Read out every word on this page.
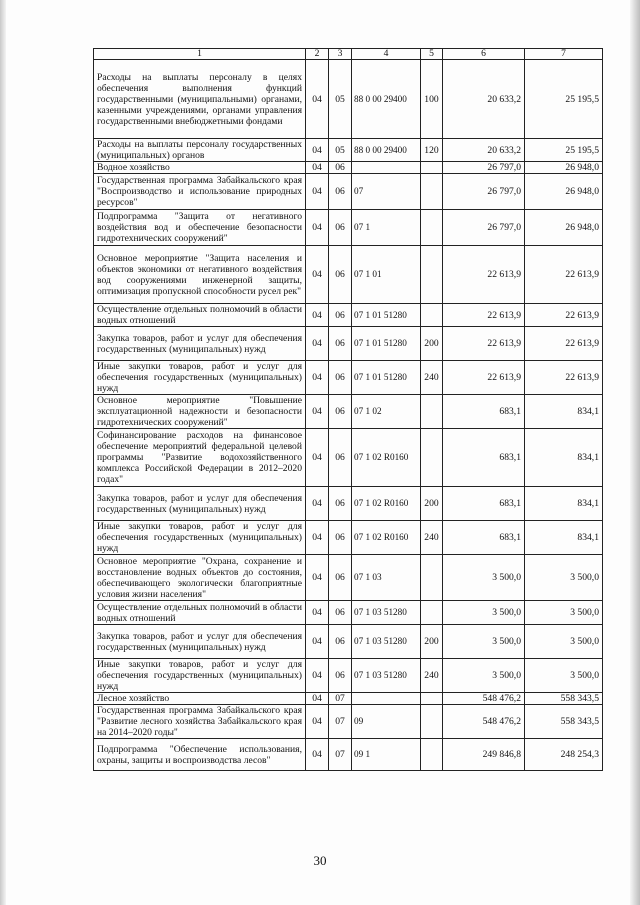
1	2	3	4	5	6	7
Расходы на выплаты персоналу в целях обеспечения выполнения функций государственными (муниципальными) органами, казенными учреждениями, органами управления государственными внебюджетными фондами	04	05	88 0 00 29400	100	20 633,2	25 195,5
Расходы на выплаты персоналу государственных (муниципальных) органов	04	05	88 0 00 29400	120	20 633,2	25 195,5
Водное хозяйство	04	06			26 797,0	26 948,0
Государственная программа Забайкальского края "Воспроизводство и использование природных ресурсов"	04	06	07		26 797,0	26 948,0
Подпрограмма "Защита от негативного воздействия вод и обеспечение безопасности гидротехнических сооружений"	04	06	07 1		26 797,0	26 948,0
Основное мероприятие "Защита населения и объектов экономики от негативного воздействия вод сооружениями инженерной защиты, оптимизация пропускной способности русел рек"	04	06	07 1 01		22 613,9	22 613,9
Осуществление отдельных полномочий в области водных отношений	04	06	07 1 01 51280		22 613,9	22 613,9
Закупка товаров, работ и услуг для обеспечения государственных (муниципальных) нужд	04	06	07 1 01 51280	200	22 613,9	22 613,9
Иные закупки товаров, работ и услуг для обеспечения государственных (муниципальных) нужд	04	06	07 1 01 51280	240	22 613,9	22 613,9
Основное мероприятие "Повышение эксплуатационной надежности и безопасности гидротехнических сооружений"	04	06	07 1 02		683,1	834,1
Софинансирование расходов на финансовое обеспечение мероприятий федеральной целевой программы "Развитие водохозяйственного комплекса Российской Федерации в 2012–2020 годах"	04	06	07 1 02 R0160		683,1	834,1
Закупка товаров, работ и услуг для обеспечения государственных (муниципальных) нужд	04	06	07 1 02 R0160	200	683,1	834,1
Иные закупки товаров, работ и услуг для обеспечения государственных (муниципальных) нужд	04	06	07 1 02 R0160	240	683,1	834,1
Основное мероприятие "Охрана, сохранение и восстановление водных объектов до состояния, обеспечивающего экологически благоприятные условия жизни населения"	04	06	07 1 03		3 500,0	3 500,0
Осуществление отдельных полномочий в области водных отношений	04	06	07 1 03 51280		3 500,0	3 500,0
Закупка товаров, работ и услуг для обеспечения государственных (муниципальных) нужд	04	06	07 1 03 51280	200	3 500,0	3 500,0
Иные закупки товаров, работ и услуг для обеспечения государственных (муниципальных) нужд	04	06	07 1 03 51280	240	3 500,0	3 500,0
Лесное хозяйство	04	07			548 476,2	558 343,5
Государственная программа Забайкальского края "Развитие лесного хозяйства Забайкальского края на 2014–2020 годы"	04	07	09		548 476,2	558 343,5
Подпрограмма "Обеспечение использования, охраны, защиты и воспроизводства лесов"	04	07	09 1		249 846,8	248 254,3
30
